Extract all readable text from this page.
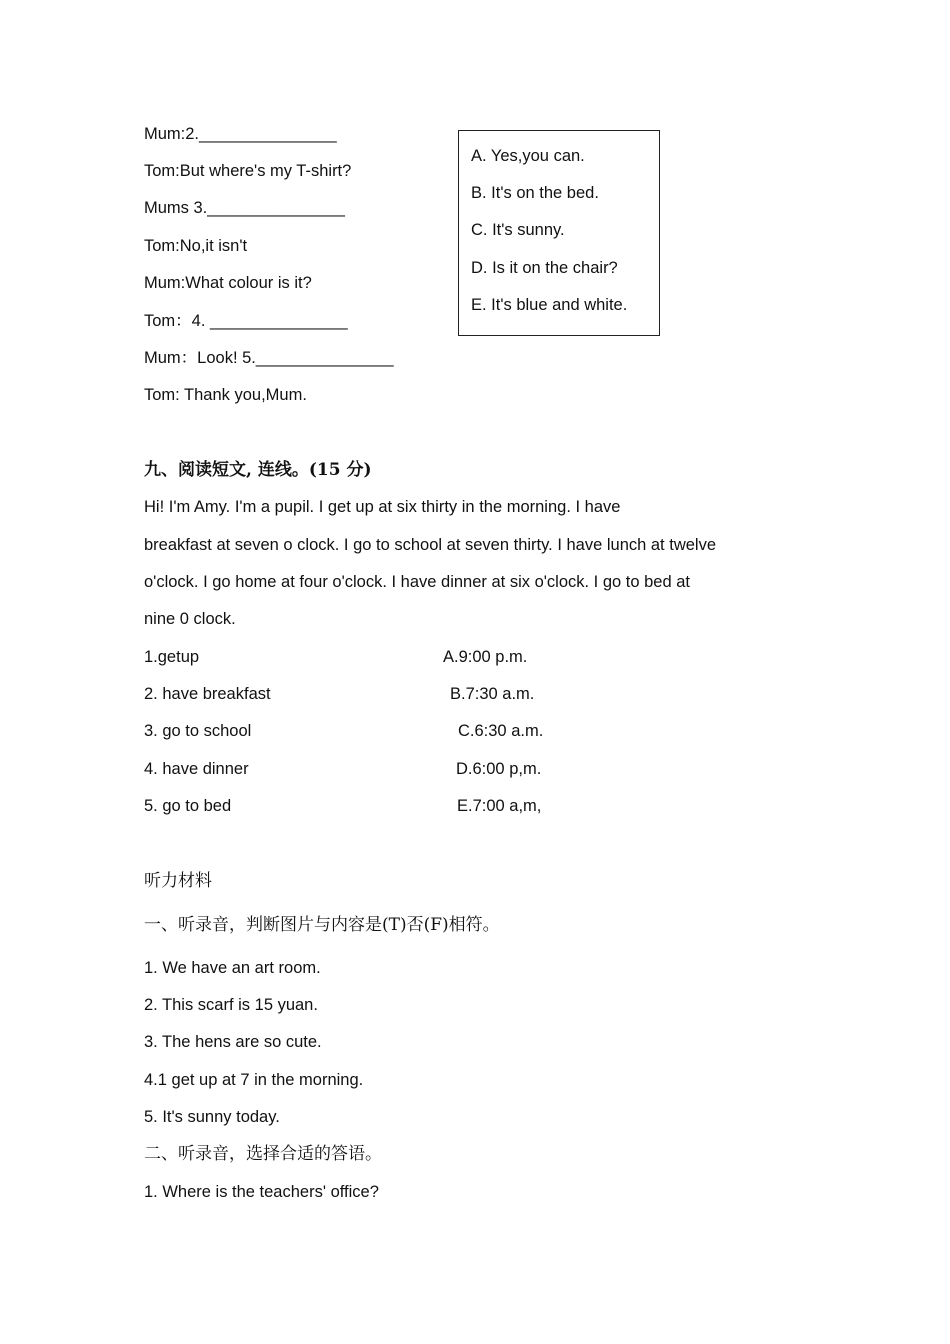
Mum:2._______________
Tom:But where's my T-shirt?
Mums 3._______________
Tom:No,it isn't
Mum:What colour is it?
Tom：4. _______________
Mum：Look! 5._______________
Tom: Thank you,Mum.
A. Yes,you can.
B. It's on the bed.
C. It's sunny.
D. Is it on the chair?
E. It's blue and white.
九、阅读短文, 连线。(15 分)
Hi! I'm Amy. I'm a pupil. I get up at six thirty in the morning. I have
breakfast at seven o clock. I go to school at seven thirty. I have lunch at twelve
o'clock. I go home at four o'clock. I have dinner at six o'clock. I go to bed at
nine 0 clock.
1.getup
2. have breakfast
3. go to school
4. have dinner
5. go to bed
A.9:00 p.m.
B.7:30 a.m.
C.6:30 a.m.
D.6:00 p,m.
E.7:00 a,m,
听力材料
一、听录音，判断图片与内容是(T)否(F)相符。
1. We have an art room.
2. This scarf is 15 yuan.
3. The hens are so cute.
4.1 get up at 7 in the morning.
5. It's sunny today.
二、听录音，选择合适的答语。
1. Where is the teachers' office?
